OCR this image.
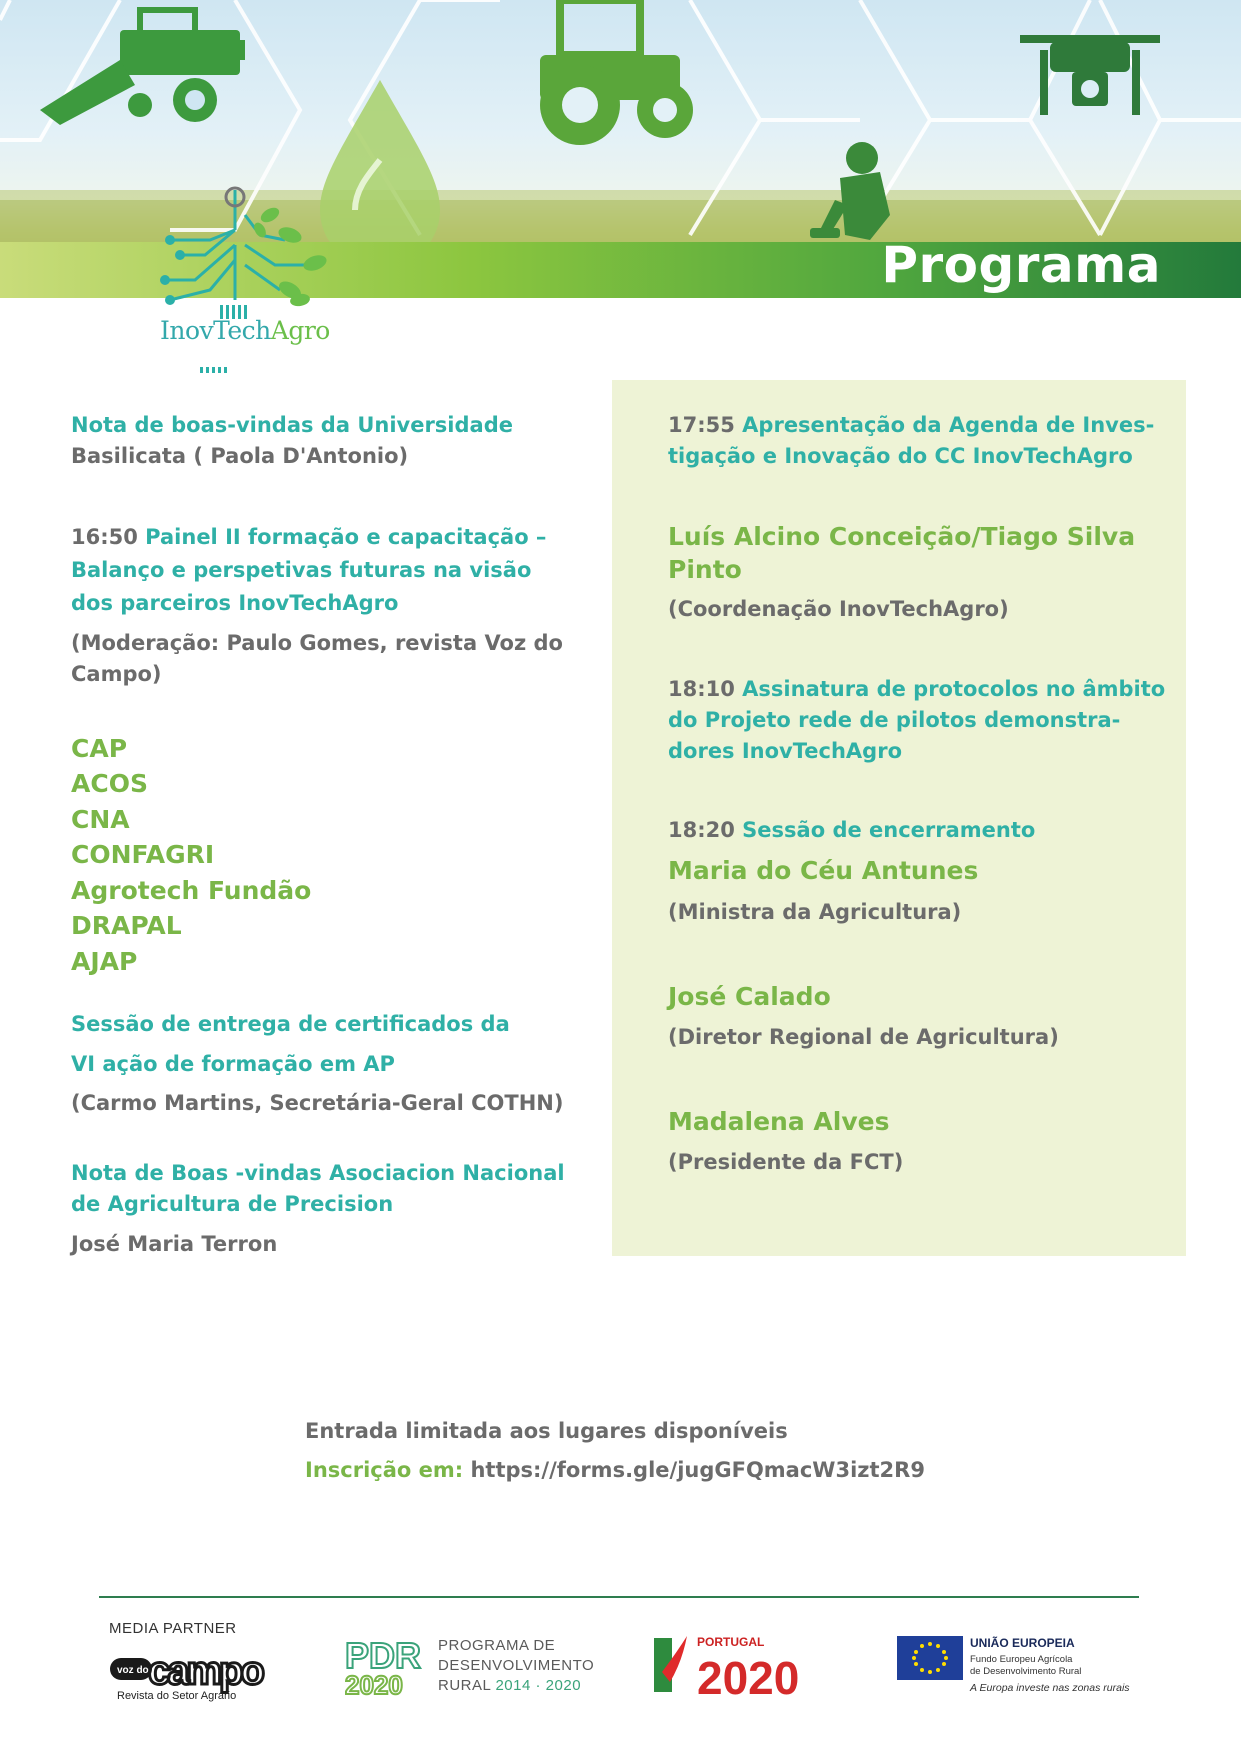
Programa
InovTechAgro
Nota de boas-vindas da Universidade
Basilicata ( Paola D'Antonio)
16:50 Painel II formação e capacitação –
Balanço e perspetivas futuras na visão
dos parceiros InovTechAgro
(Moderação: Paulo Gomes, revista Voz do
Campo)
CAP
ACOS
CNA
CONFAGRI
Agrotech Fundão
DRAPAL
AJAP
Sessão de entrega de certificados da
VI ação de formação em AP
(Carmo Martins, Secretária-Geral COTHN)
Nota de Boas -vindas Asociacion Nacional
de Agricultura de Precision
José Maria Terron
17:55 Apresentação da Agenda de Inves-
tigação e Inovação do CC InovTechAgro
Luís Alcino Conceição/Tiago Silva
Pinto
(Coordenação InovTechAgro)
18:10 Assinatura de protocolos no âmbito
do Projeto rede de pilotos demonstra-
dores InovTechAgro
18:20 Sessão de encerramento
Maria do Céu Antunes
(Ministra da Agricultura)
José Calado
(Diretor Regional de Agricultura)
Madalena Alves
(Presidente da FCT)
Entrada limitada aos lugares disponíveis
Inscrição em: https://forms.gle/jugGFQmacW3izt2R9
MEDIA PARTNER
voz do campo
Revista do Setor Agrário
PDR
2020
PROGRAMA DE
DESENVOLVIMENTO
RURAL 2014 · 2020
PORTUGAL
2020
UNIÃO EUROPEIA
Fundo Europeu Agrícola
de Desenvolvimento Rural
A Europa investe nas zonas rurais
